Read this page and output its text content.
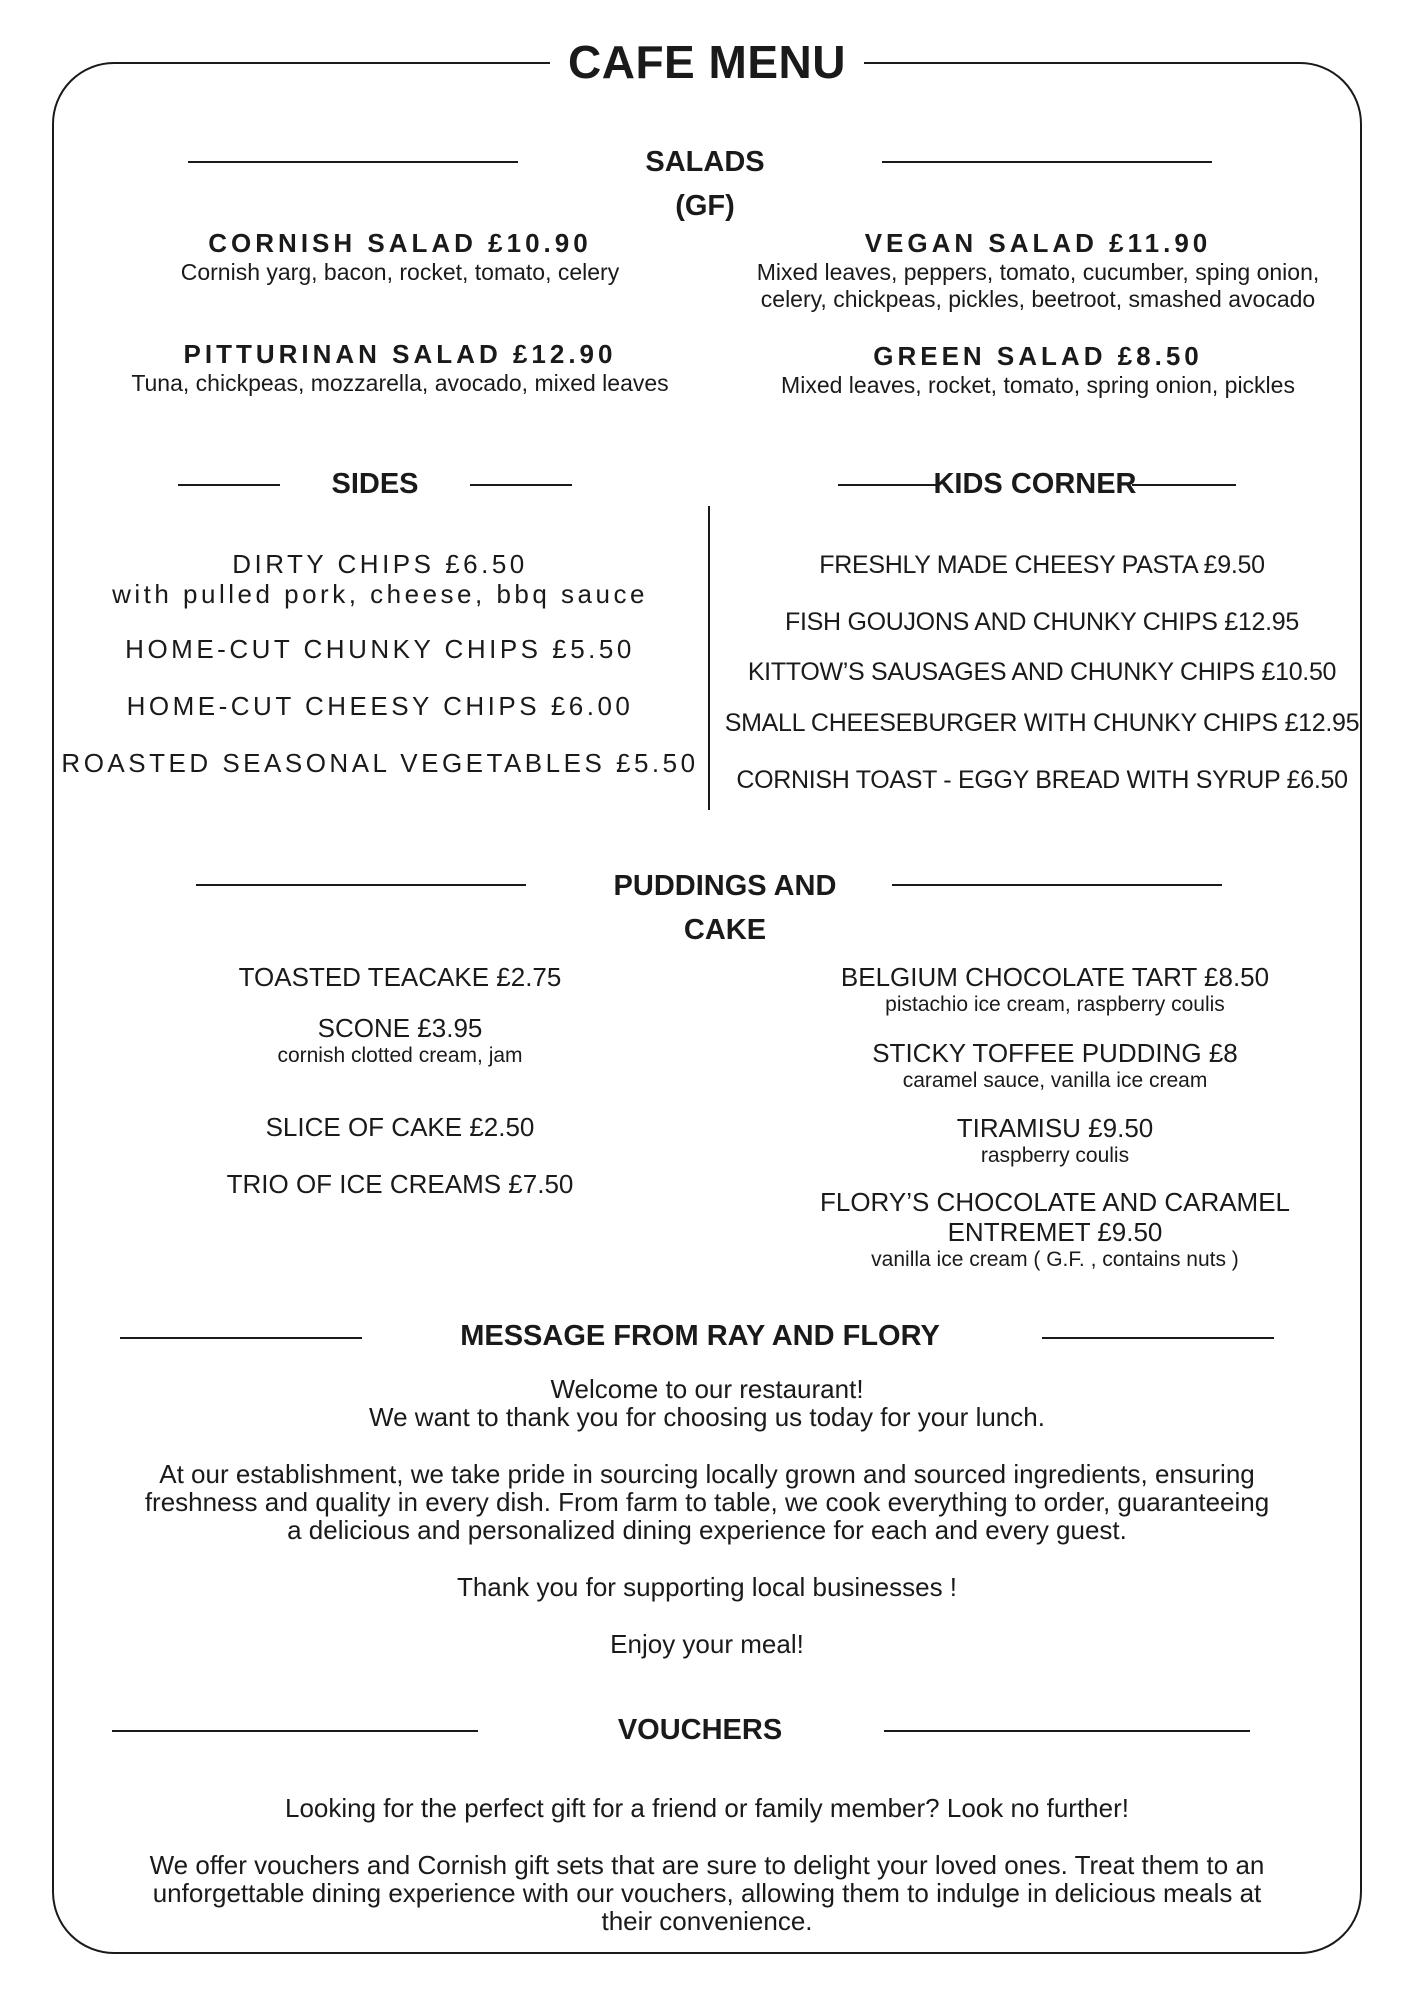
CAFE MENU
SALADS
(GF)
CORNISH SALAD £10.90
Cornish yarg, bacon, rocket, tomato, celery
VEGAN SALAD £11.90
Mixed leaves, peppers, tomato, cucumber, sping onion,
celery, chickpeas, pickles, beetroot, smashed avocado
PITTURINAN SALAD £12.90
Tuna, chickpeas, mozzarella, avocado, mixed leaves
GREEN SALAD £8.50
Mixed leaves, rocket, tomato, spring onion, pickles
SIDES
DIRTY CHIPS £6.50
with pulled pork, cheese, bbq sauce
HOME-CUT CHUNKY CHIPS £5.50
HOME-CUT CHEESY CHIPS £6.00
ROASTED SEASONAL VEGETABLES £5.50
KIDS CORNER
FRESHLY MADE CHEESY PASTA £9.50
FISH GOUJONS AND CHUNKY CHIPS £12.95
KITTOW’S SAUSAGES AND CHUNKY CHIPS £10.50
SMALL CHEESEBURGER WITH CHUNKY CHIPS £12.95
CORNISH TOAST - EGGY BREAD WITH SYRUP £6.50
PUDDINGS AND
CAKE
TOASTED TEACAKE £2.75
SCONE £3.95
cornish clotted cream, jam
SLICE OF CAKE £2.50
TRIO OF ICE CREAMS £7.50
BELGIUM CHOCOLATE TART £8.50
pistachio ice cream, raspberry coulis
STICKY TOFFEE PUDDING £8
caramel sauce, vanilla ice cream
TIRAMISU £9.50
raspberry coulis
FLORY’S CHOCOLATE AND CARAMEL
ENTREMET £9.50
vanilla ice cream ( G.F. , contains nuts )
MESSAGE FROM RAY AND FLORY
Welcome to our restaurant!
We want to thank you for choosing us today for your lunch.
At our establishment, we take pride in sourcing locally grown and sourced ingredients, ensuring
freshness and quality in every dish. From farm to table, we cook everything to order, guaranteeing
a delicious and personalized dining experience for each and every guest.
Thank you for supporting local businesses !
Enjoy your meal!
VOUCHERS
Looking for the perfect gift for a friend or family member? Look no further!
We offer vouchers and Cornish gift sets that are sure to delight your loved ones. Treat them to an
unforgettable dining experience with our vouchers, allowing them to indulge in delicious meals at
their convenience.
